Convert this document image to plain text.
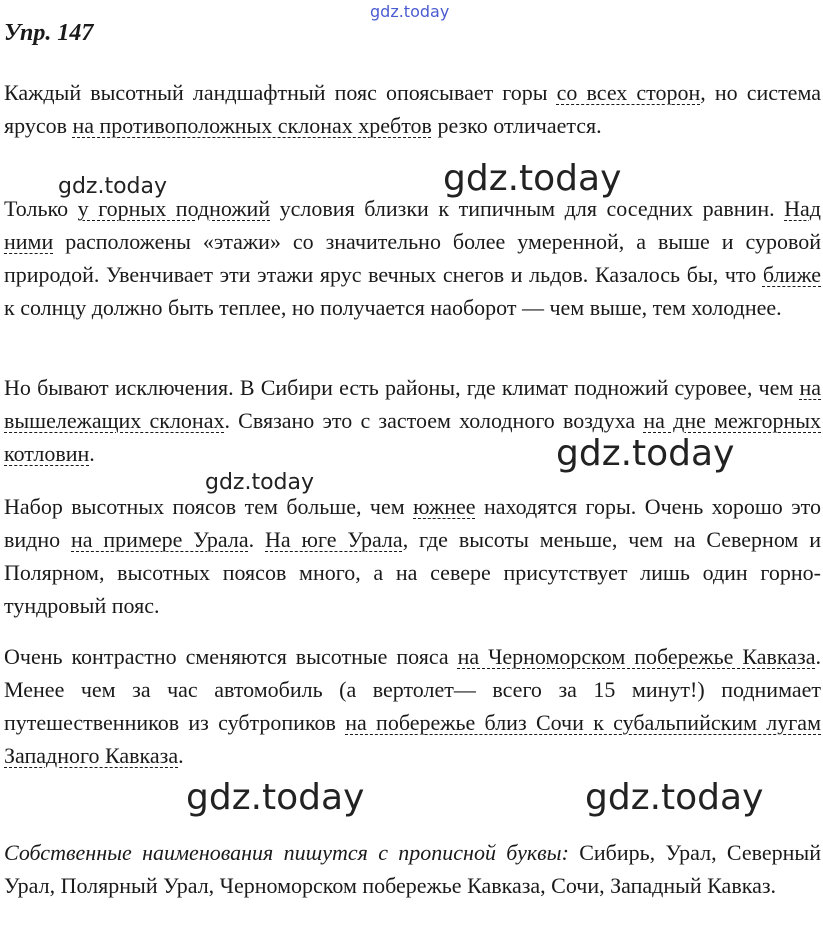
gdz.today
Упр. 147
Каждый высотный ландшафтный пояс опоясывает горы со всех сторон, но система ярусов на противоположных склонах хребтов резко отличается.
Только у горных подножий условия близки к типичным для соседних равнин. Над ними расположены «этажи» со значительно более умеренной, а выше и суровой природой. Увенчивает эти этажи ярус вечных снегов и льдов. Казалось бы, что ближе к солнцу должно быть теплее, но получается наоборот — чем выше, тем холоднее.
Но бывают исключения. В Сибири есть районы, где климат подножий суровее, чем на вышележащих склонах. Связано это с застоем холодного воздуха на дне межгорных котловин.
Набор высотных поясов тем больше, чем южнее находятся горы. Очень хорошо это видно на примере Урала. На юге Урала, где высоты меньше, чем на Северном и Полярном, высотных поясов много, а на севере присутствует лишь один горно-тундровый пояс.
Очень контрастно сменяются высотные пояса на Черноморском побережье Кавказа. Менее чем за час автомобиль (а вертолет— всего за 15 минут!) поднимает путешественников из субтропиков на побережье близ Сочи к субальпийским лугам Западного Кавказа.
Собственные наименования пишутся с прописной буквы: Сибирь, Урал, Северный Урал, Полярный Урал, Черноморском побережье Кавказа, Сочи, Западный Кавказ.
gdz.today	gdz.today
gdz.today
gdz.today
gdz.today	gdz.today
